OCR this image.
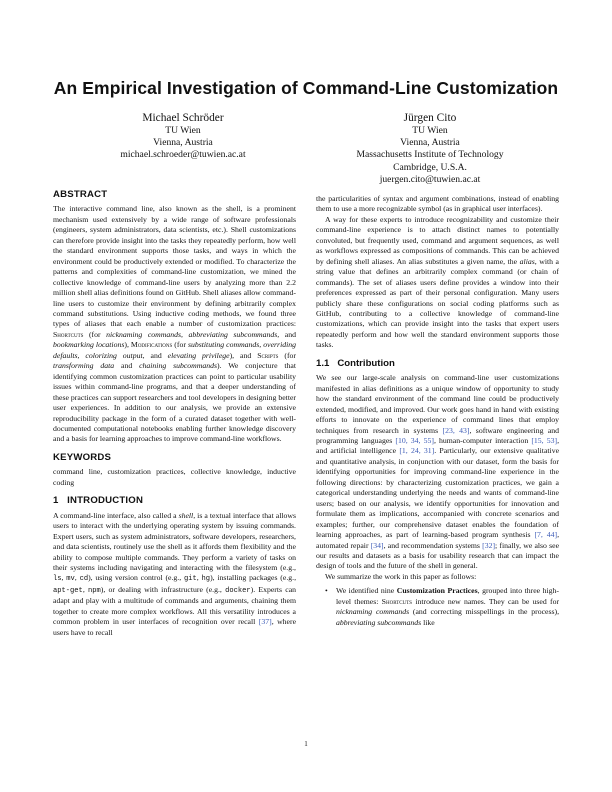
An Empirical Investigation of Command-Line Customization
Michael Schröder
TU Wien
Vienna, Austria
michael.schroeder@tuwien.ac.at
Jürgen Cito
TU Wien
Vienna, Austria
Massachusetts Institute of Technology
Cambridge, U.S.A.
juergen.cito@tuwien.ac.at
ABSTRACT

The interactive command line, also known as the shell, is a prominent mechanism used extensively by a wide range of software professionals (engineers, system administrators, data scientists, etc.). Shell customizations can therefore provide insight into the tasks they repeatedly perform, how well the standard environment supports those tasks, and ways in which the environment could be productively extended or modified. To characterize the patterns and complexities of command-line customization, we mined the collective knowledge of command-line users by analyzing more than 2.2 million shell alias definitions found on GitHub. Shell aliases allow command-line users to customize their environment by defining arbitrarily complex command substitutions. Using inductive coding methods, we found three types of aliases that each enable a number of customization practices: Shortcuts (for nicknaming commands, abbreviating subcommands, and bookmarking locations), Modifications (for substituting commands, overriding defaults, colorizing output, and elevating privilege), and Scripts (for transforming data and chaining subcommands). We conjecture that identifying common customization practices can point to particular usability issues within command-line programs, and that a deeper understanding of these practices can support researchers and tool developers in designing better user experiences. In addition to our analysis, we provide an extensive reproducibility package in the form of a curated dataset together with well-documented computational notebooks enabling further knowledge discovery and a basis for learning approaches to improve command-line workflows.

KEYWORDS

command line, customization practices, collective knowledge, inductive coding

1   INTRODUCTION

A command-line interface, also called a shell, is a textual interface that allows users to interact with the underlying operating system by issuing commands. Expert users, such as system administrators, software developers, researchers, and data scientists, routinely use the shell as it affords them flexibility and the ability to compose multiple commands. They perform a variety of tasks on their systems including navigating and interacting with the filesystem (e.g., ls, mv, cd), using version control (e.g., git, hg), installing packages (e.g., apt-get, npm), or dealing with infrastructure (e.g., docker). Experts can adapt and play with a multitude of commands and arguments, chaining them together to create more complex workflows. All this versatility introduces a common problem in user interfaces of recognition over recall [37], where users have to recall

the particularities of syntax and argument combinations, instead of enabling them to use a more recognizable symbol (as in graphical user interfaces).

A way for these experts to introduce recognizability and customize their command-line experience is to attach distinct names to potentially convoluted, but frequently used, command and argument sequences, as well as workflows expressed as compositions of commands. This can be achieved by defining shell aliases. An alias substitutes a given name, the alias, with a string value that defines an arbitrarily complex command (or chain of commands). The set of aliases users define provides a window into their preferences expressed as part of their personal configuration. Many users publicly share these configurations on social coding platforms such as GitHub, contributing to a collective knowledge of command-line customizations, which can provide insight into the tasks that expert users repeatedly perform and how well the standard environment supports those tasks.

1.1   Contribution

We see our large-scale analysis on command-line user customizations manifested in alias definitions as a unique window of opportunity to study how the standard environment of the command line could be productively extended, modified, and improved. Our work goes hand in hand with existing efforts to innovate on the experience of command lines that employ techniques from research in systems [23, 43], software engineering and programming languages [10, 34, 55], human-computer interaction [15, 53], and artificial intelligence [1, 24, 31]. Particularly, our extensive qualitative and quantitative analysis, in conjunction with our dataset, form the basis for identifying opportunities for improving command-line experience in the following directions: by characterizing customization practices, we gain a categorical understanding underlying the needs and wants of command-line users; based on our analysis, we identify opportunities for innovation and formulate them as implications, accompanied with concrete scenarios and examples; further, our comprehensive dataset enables the foundation of learning approaches, as part of learning-based program synthesis [7, 44], automated repair [34], and recommendation systems [32]; finally, we also see our results and datasets as a basis for usability research that can impact the design of tools and the future of the shell in general.

We summarize the work in this paper as follows:

• We identified nine Customization Practices, grouped into three high-level themes: Shortcuts introduce new names. They can be used for nicknaming commands (and correcting misspellings in the process), abbreviating subcommands like
1
